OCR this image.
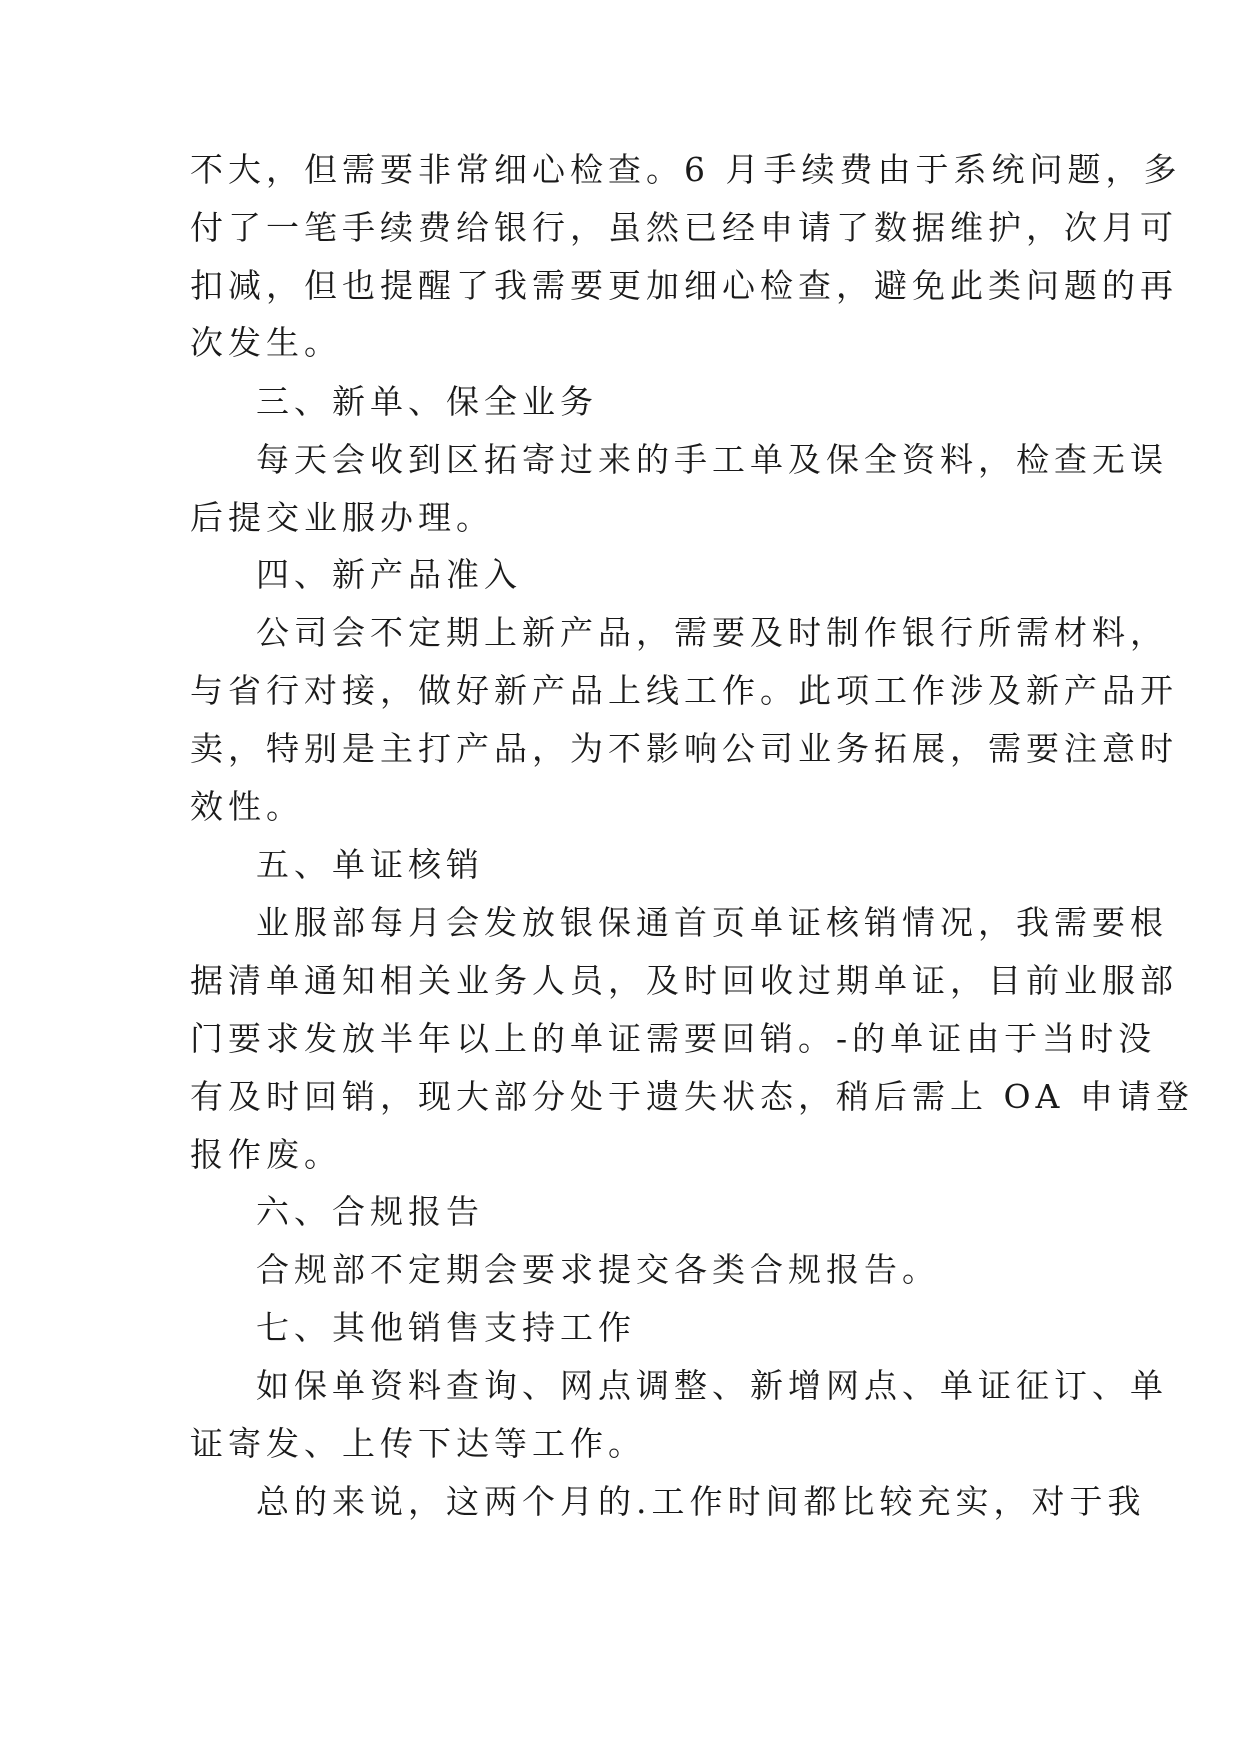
不大，但需要非常细心检查。6 月手续费由于系统问题，多
付了一笔手续费给银行，虽然已经申请了数据维护，次月可
扣减，但也提醒了我需要更加细心检查，避免此类问题的再
次发生。
三、新单、保全业务
每天会收到区拓寄过来的手工单及保全资料，检查无误
后提交业服办理。
四、新产品准入
公司会不定期上新产品，需要及时制作银行所需材料，
与省行对接，做好新产品上线工作。此项工作涉及新产品开
卖，特别是主打产品，为不影响公司业务拓展，需要注意时
效性。
五、单证核销
业服部每月会发放银保通首页单证核销情况，我需要根
据清单通知相关业务人员，及时回收过期单证，目前业服部
门要求发放半年以上的单证需要回销。-的单证由于当时没
有及时回销，现大部分处于遗失状态，稍后需上 OA 申请登
报作废。
六、合规报告
合规部不定期会要求提交各类合规报告。
七、其他销售支持工作
如保单资料查询、网点调整、新增网点、单证征订、单
证寄发、上传下达等工作。
总的来说，这两个月的.工作时间都比较充实，对于我
